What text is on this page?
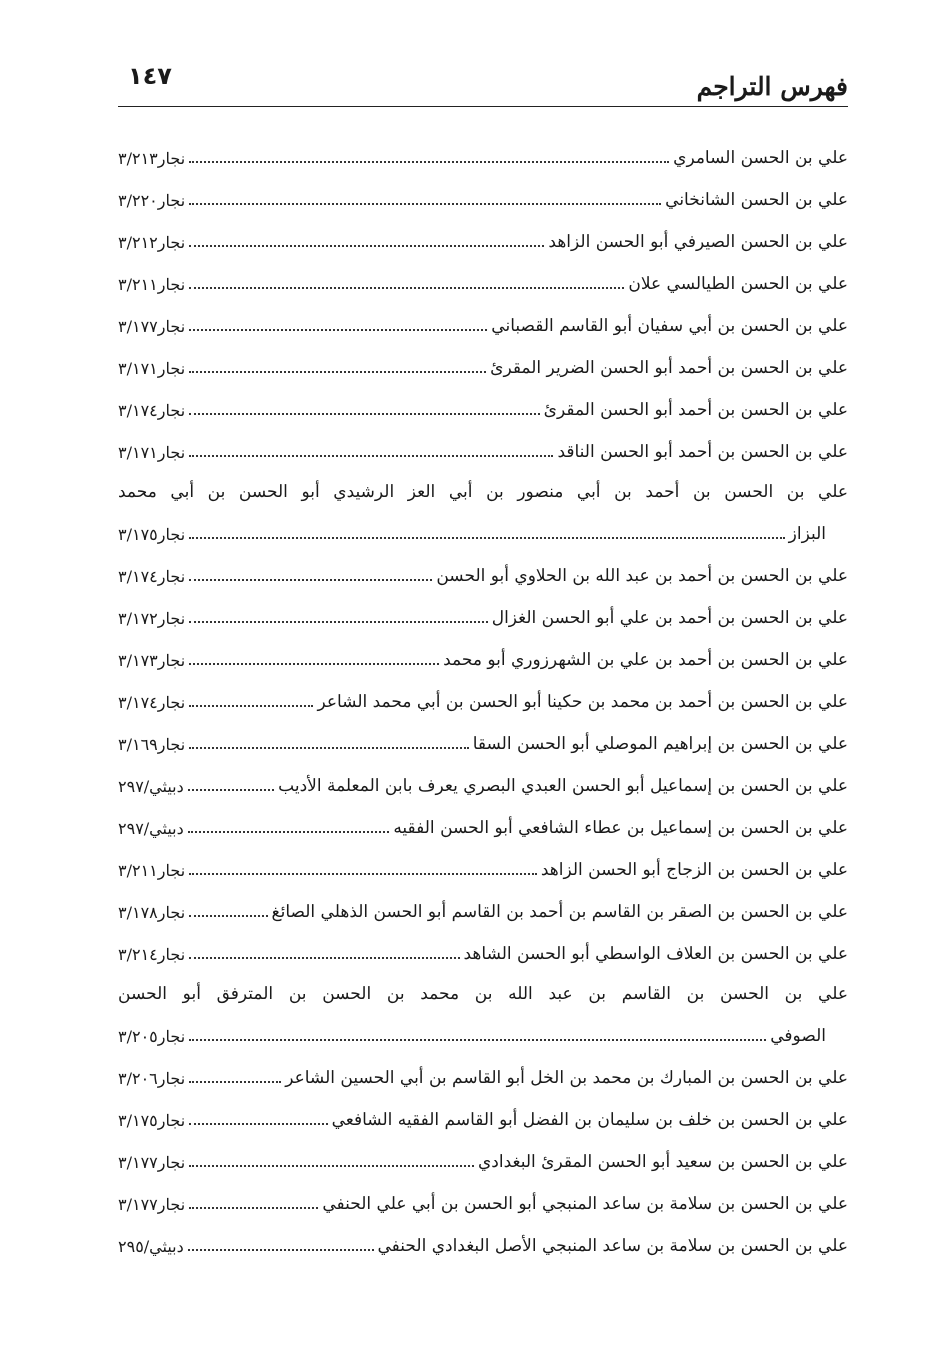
١٤٧	فهرس التراجم
علي بن الحسن السامري
نجار٣/٢١٣
علي بن الحسن الشانخاني
نجار٣/٢٢٠
علي بن الحسن الصيرفي أبو الحسن الزاهد
نجار٣/٢١٢
علي بن الحسن الطيالسي علان
نجار٣/٢١١
علي بن الحسن بن أبي سفيان أبو القاسم القصباني
نجار٣/١٧٧
علي بن الحسن بن أحمد أبو الحسن الضرير المقرئ
نجار٣/١٧١
علي بن الحسن بن أحمد أبو الحسن المقرئ
نجار٣/١٧٤
علي بن الحسن بن أحمد أبو الحسن الناقد
نجار٣/١٧١
علي بن الحسن بن أحمد بن أبي منصور بن أبي العز الرشيدي أبو الحسن بن أبي محمد
البزاز
نجار٣/١٧٥
علي بن الحسن بن أحمد بن عبد الله بن الحلاوي أبو الحسن
نجار٣/١٧٤
علي بن الحسن بن أحمد بن علي أبو الحسن الغزال
نجار٣/١٧٢
علي بن الحسن بن أحمد بن علي بن الشهرزوري أبو محمد
نجار٣/١٧٣
علي بن الحسن بن أحمد بن محمد بن حكينا أبو الحسن بن أبي محمد الشاعر
نجار٣/١٧٤
علي بن الحسن بن إبراهيم الموصلي أبو الحسن السقا
نجار٣/١٦٩
علي بن الحسن بن إسماعيل أبو الحسن العبدي البصري يعرف بابن المعلمة الأديب
دبيثي/٢٩٧
علي بن الحسن بن إسماعيل بن عطاء الشافعي أبو الحسن الفقيه
دبيثي/٢٩٧
علي بن الحسن بن الزجاج أبو الحسن الزاهد
نجار٣/٢١١
علي بن الحسن بن الصقر بن القاسم بن أحمد بن القاسم أبو الحسن الذهلي الصائغ
نجار٣/١٧٨
علي بن الحسن بن العلاف الواسطي أبو الحسن الشاهد
نجار٣/٢١٤
علي بن الحسن بن القاسم بن عبد الله بن محمد بن الحسن بن المترفق أبو الحسن
الصوفي
نجار٣/٢٠٥
علي بن الحسن بن المبارك بن محمد بن الخل أبو القاسم بن أبي الحسين الشاعر
نجار٣/٢٠٦
علي بن الحسن بن خلف بن سليمان بن الفضل أبو القاسم الفقيه الشافعي
نجار٣/١٧٥
علي بن الحسن بن سعيد أبو الحسن المقرئ البغدادي
نجار٣/١٧٧
علي بن الحسن بن سلامة بن ساعد المنبجي أبو الحسن بن أبي علي الحنفي
نجار٣/١٧٧
علي بن الحسن بن سلامة بن ساعد المنبجي الأصل البغدادي الحنفي
دبيثي/٢٩٥
